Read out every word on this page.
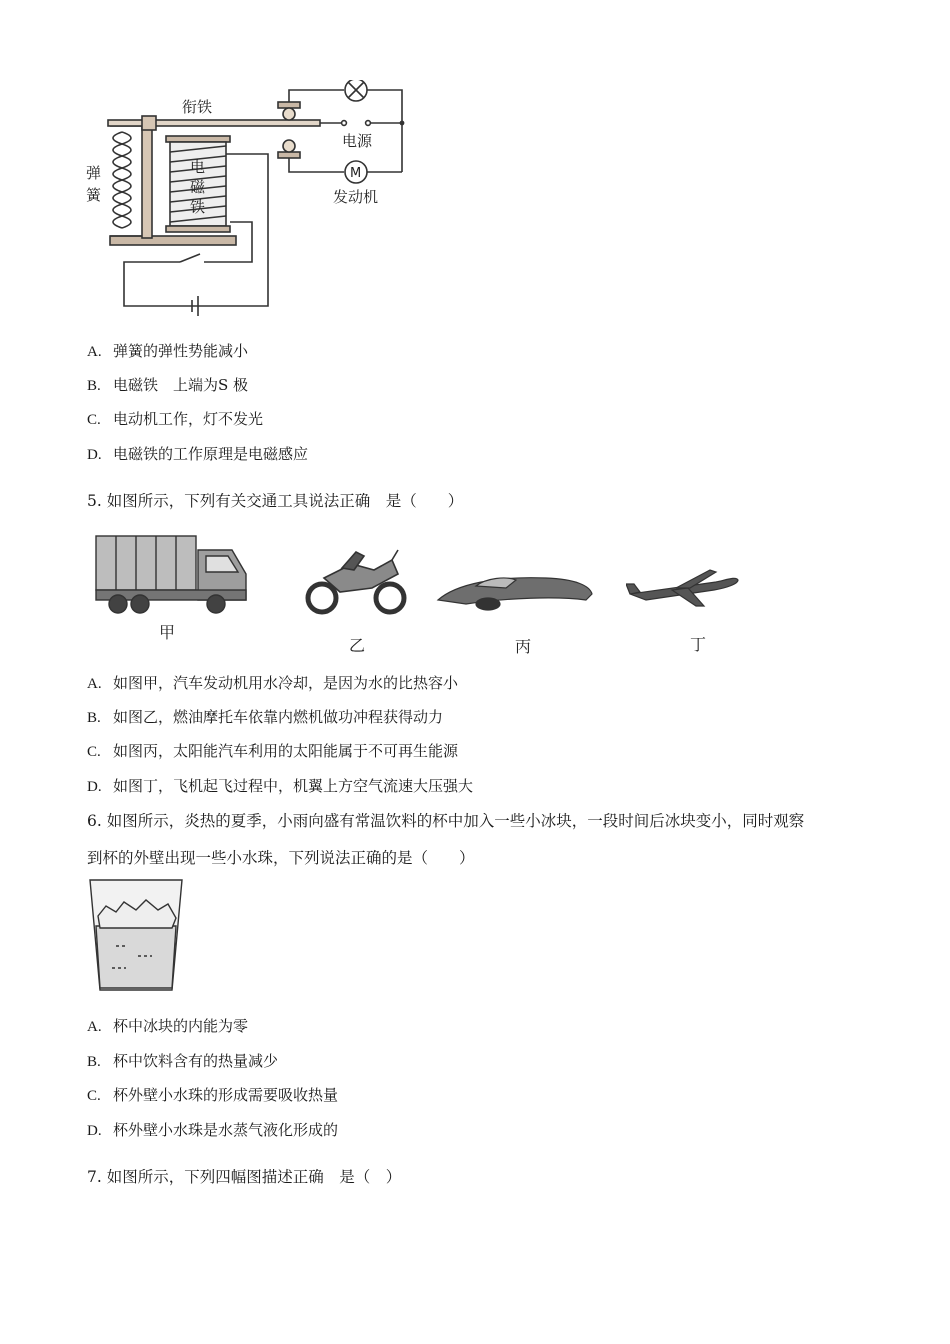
衔铁
弹
簧
电
磁
铁
电源
M
发动机
A. 弹簧的弹性势能减小
B. 电磁铁　上端为S 极
C. 电动机工作，灯不发光
D. 电磁铁的工作原理是电磁感应
5. 如图所示，下列有关交通工具说法正确　是（　　）
甲
乙	丙	丁
A. 如图甲，汽车发动机用水冷却，是因为水的比热容小
B. 如图乙，燃油摩托车依靠内燃机做功冲程获得动力
C. 如图丙，太阳能汽车利用的太阳能属于不可再生能源
D. 如图丁，飞机起飞过程中，机翼上方空气流速大压强大
6. 如图所示，炎热的夏季，小雨向盛有常温饮料的杯中加入一些小冰块，一段时间后冰块变小，同时观察
到杯的外壁出现一些小水珠，下列说法正确的是（　　）
A. 杯中冰块的内能为零
B. 杯中饮料含有的热量减少
C. 杯外壁小水珠的形成需要吸收热量
D. 杯外壁小水珠是水蒸气液化形成的
7. 如图所示，下列四幅图描述正确　是（　）
